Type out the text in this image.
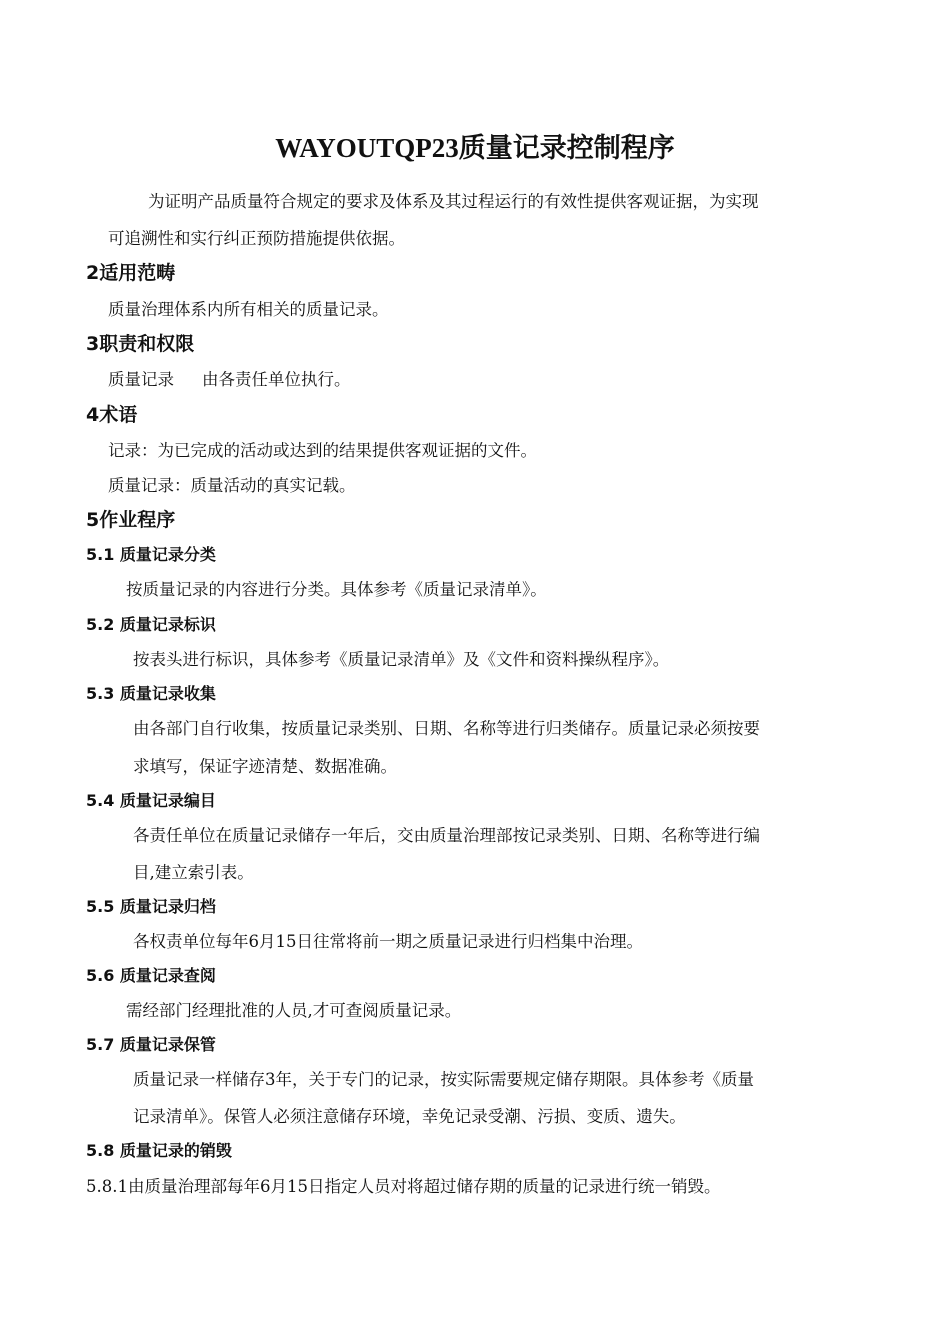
WAYOUTQP23质量记录控制程序
为证明产品质量符合规定的要求及体系及其过程运行的有效性提供客观证据，为实现
可追溯性和实行纠正预防措施提供依据。
2适用范畴
质量治理体系内所有相关的质量记录。
3职责和权限
质量记录 由各责任单位执行。
4术语
记录：为已完成的活动或达到的结果提供客观证据的文件。
质量记录：质量活动的真实记载。
5作业程序
5.1 质量记录分类
按质量记录的内容进行分类。具体参考《质量记录清单》。
5.2 质量记录标识
按表头进行标识，具体参考《质量记录清单》及《文件和资料操纵程序》。
5.3 质量记录收集
由各部门自行收集，按质量记录类别、日期、名称等进行归类储存。质量记录必须按要
求填写，保证字迹清楚、数据准确。
5.4 质量记录编目
各责任单位在质量记录储存一年后，交由质量治理部按记录类别、日期、名称等进行编
目,建立索引表。
5.5 质量记录归档
各权责单位每年6月15日往常将前一期之质量记录进行归档集中治理。
5.6 质量记录查阅
需经部门经理批准的人员,才可查阅质量记录。
5.7 质量记录保管
质量记录一样储存3年，关于专门的记录，按实际需要规定储存期限。具体参考《质量
记录清单》。保管人必须注意储存环境，幸免记录受潮、污损、变质、遗失。
5.8 质量记录的销毁
5.8.1由质量治理部每年6月15日指定人员对将超过储存期的质量的记录进行统一销毁。
